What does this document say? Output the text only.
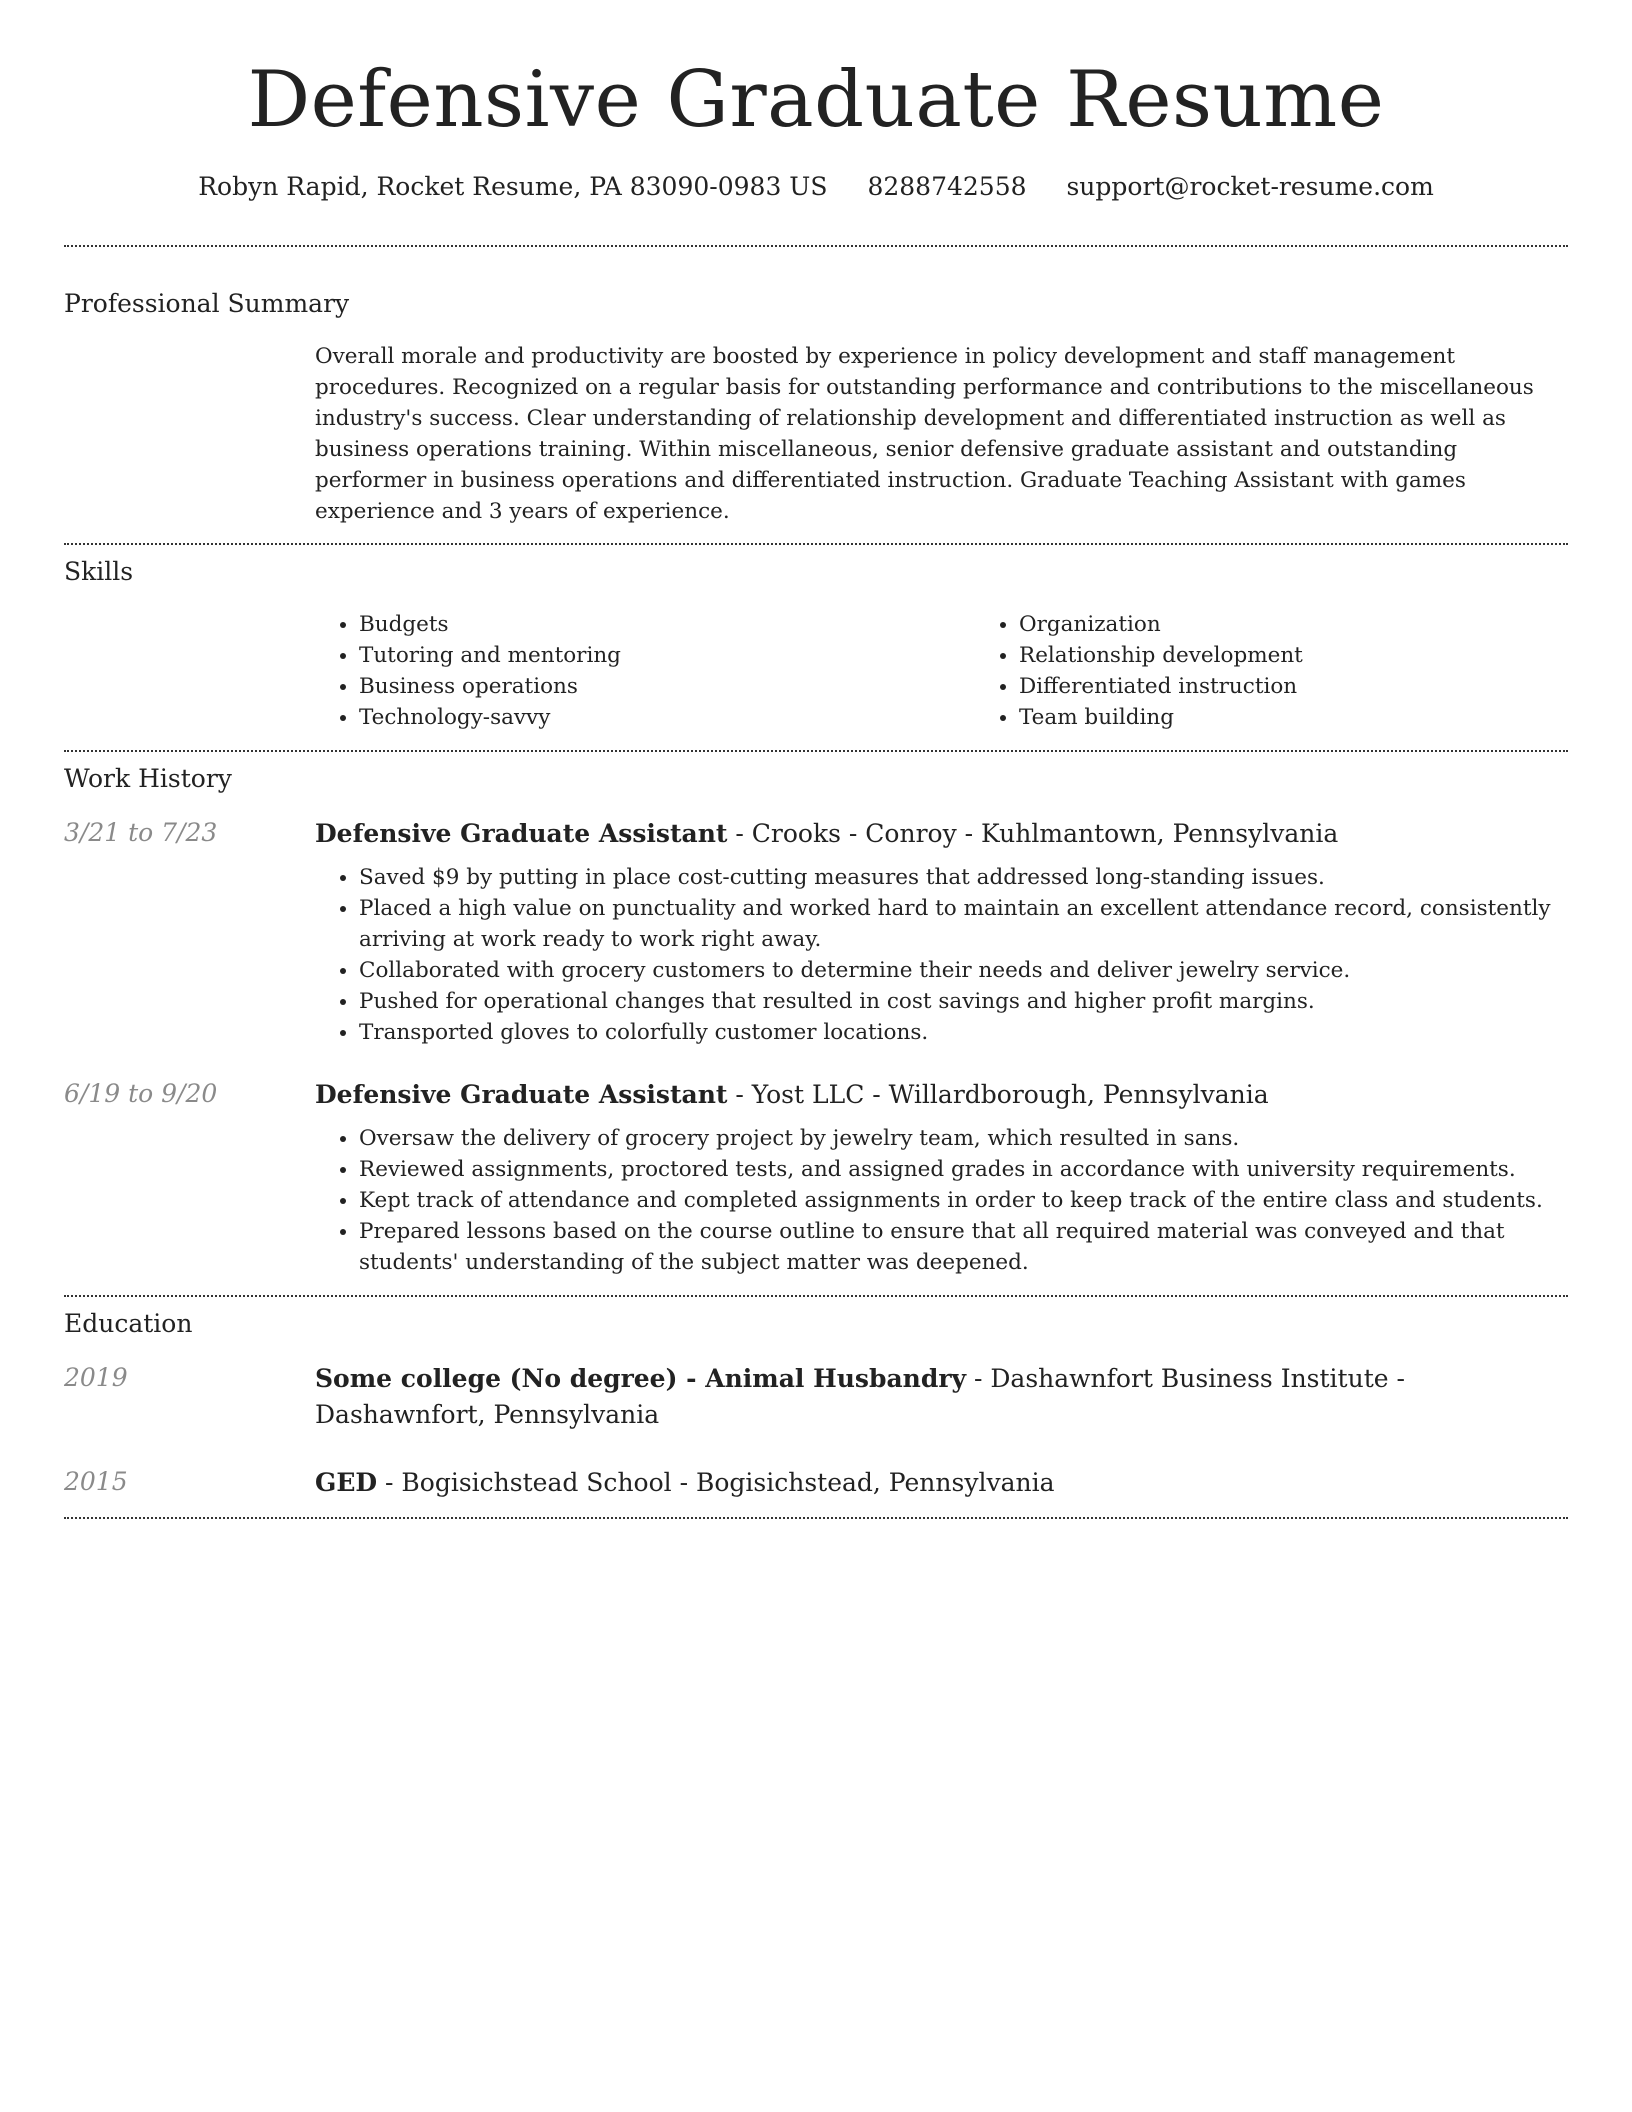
Defensive Graduate Resume
Robyn Rapid, Rocket Resume, PA 83090-0983 US 8288742558 support@rocket-resume.com
Professional Summary

Overall morale and productivity are boosted by experience in policy development and staff management procedures. Recognized on a regular basis for outstanding performance and contributions to the miscellaneous industry's success. Clear understanding of relationship development and differentiated instruction as well as business operations training. Within miscellaneous, senior defensive graduate assistant and outstanding performer in business operations and differentiated instruction. Graduate Teaching Assistant with games experience and 3 years of experience.

Skills
• Budgets
• Tutoring and mentoring
• Business operations
• Technology-savvy
• Organization
• Relationship development
• Differentiated instruction
• Team building
Work History
3/21 to 7/23	Defensive Graduate Assistant - Crooks - Conroy - Kuhlmantown, Pennsylvania

• Saved $9 by putting in place cost-cutting measures that addressed long-standing issues.
• Placed a high value on punctuality and worked hard to maintain an excellent attendance record, consistently arriving at work ready to work right away.
• Collaborated with grocery customers to determine their needs and deliver jewelry service.
• Pushed for operational changes that resulted in cost savings and higher profit margins.
• Transported gloves to colorfully customer locations.
6/19 to 9/20	Defensive Graduate Assistant - Yost LLC - Willardborough, Pennsylvania

• Oversaw the delivery of grocery project by jewelry team, which resulted in sans.
• Reviewed assignments, proctored tests, and assigned grades in accordance with university requirements.
• Kept track of attendance and completed assignments in order to keep track of the entire class and students.
• Prepared lessons based on the course outline to ensure that all required material was conveyed and that students' understanding of the subject matter was deepened.
Education
2019	Some college (No degree) - Animal Husbandry - Dashawnfort Business Institute - Dashawnfort, Pennsylvania

2015	GED - Bogisichstead School - Bogisichstead, Pennsylvania
